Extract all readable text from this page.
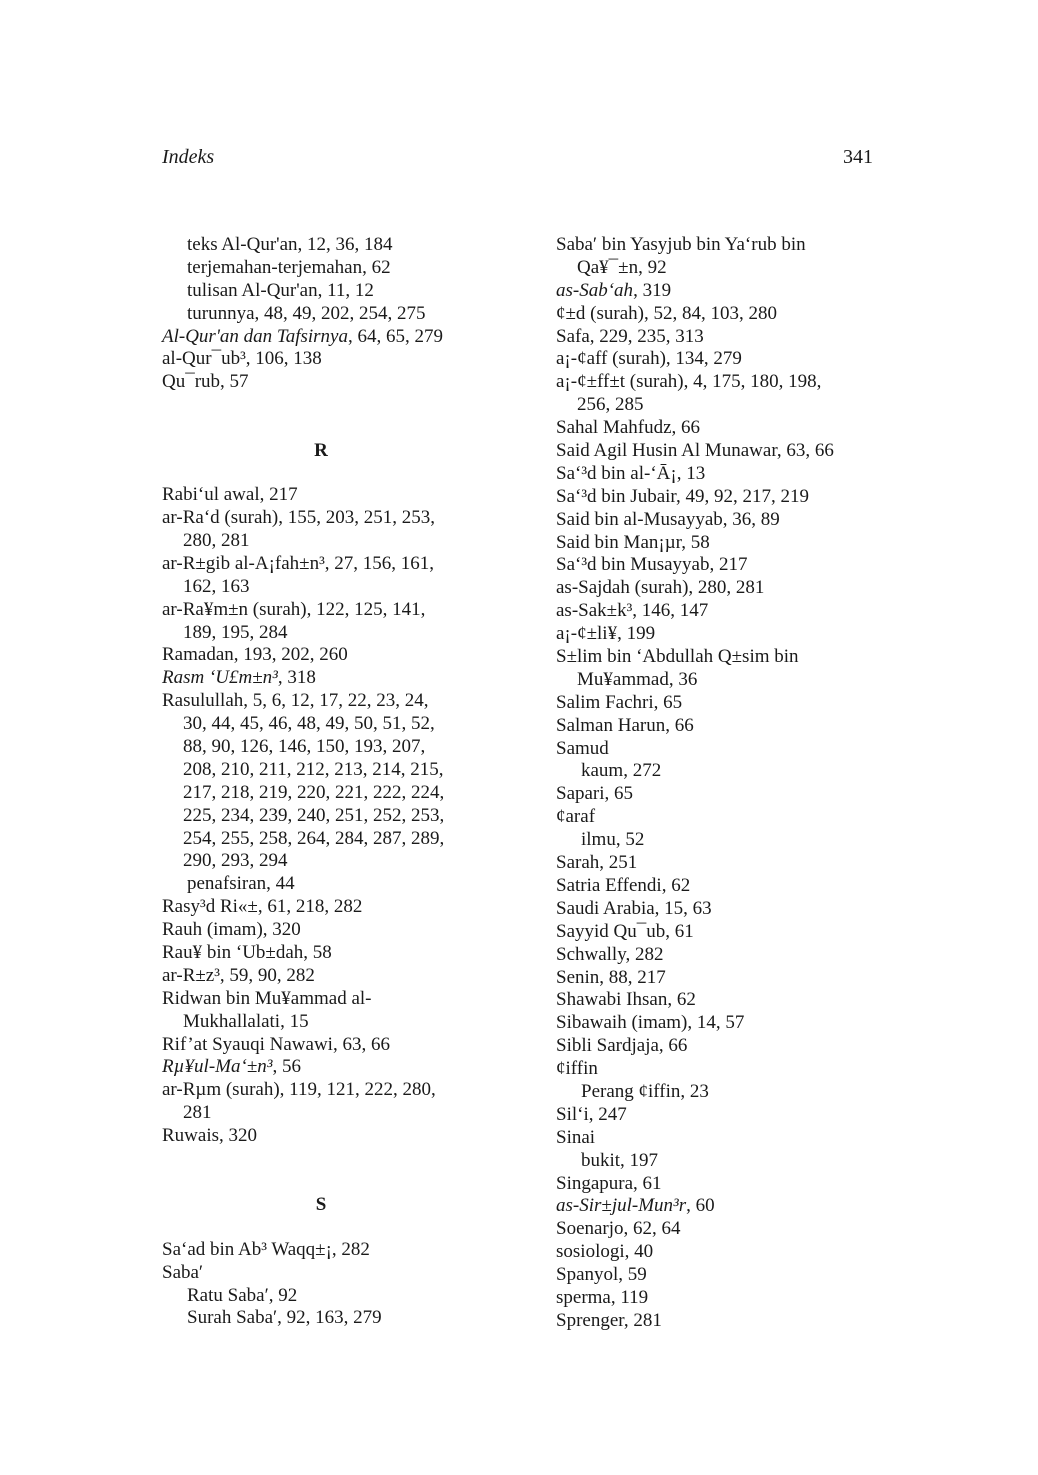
Indeks	341
teks Al-Qur'an, 12, 36, 184
terjemahan-terjemahan, 62
tulisan Al-Qur'an, 11, 12
turunnya, 48, 49, 202, 254, 275
Al-Qur'an dan Tafsirnya, 64, 65, 279
al-Qur¯ub³, 106, 138
Qu¯rub, 57
R
Rabi‘ul awal, 217
ar-Ra‘d (surah), 155, 203, 251, 253,
280, 281
ar-R±gib al-A¡fah±n³, 27, 156, 161,
162, 163
ar-Ra¥m±n (surah), 122, 125, 141,
189, 195, 284
Ramadan, 193, 202, 260
Rasm ‘U£m±n³, 318
Rasulullah, 5, 6, 12, 17, 22, 23, 24,
30, 44, 45, 46, 48, 49, 50, 51, 52,
88, 90, 126, 146, 150, 193, 207,
208, 210, 211, 212, 213, 214, 215,
217, 218, 219, 220, 221, 222, 224,
225, 234, 239, 240, 251, 252, 253,
254, 255, 258, 264, 284, 287, 289,
290, 293, 294
penafsiran, 44
Rasy³d Ri«±, 61, 218, 282
Rauh (imam), 320
Rau¥ bin ‘Ub±dah, 58
ar-R±z³, 59, 90, 282
Ridwan bin Mu¥ammad al-
Mukhallalati, 15
Rif’at Syauqi Nawawi, 63, 66
Rµ¥ul-Ma‘±n³, 56
ar-Rµm (surah), 119, 121, 222, 280,
281
Ruwais, 320
S
Sa‘ad bin Ab³ Waqq±¡, 282
Saba′
Ratu Saba′, 92
Surah Saba′, 92, 163, 279
Saba′ bin Yasyjub bin Ya‘rub bin
Qa¥¯±n, 92
as-Sab‘ah, 319
¢±d (surah), 52, 84, 103, 280
Safa, 229, 235, 313
a¡-¢aff (surah), 134, 279
a¡-¢±ff±t (surah), 4, 175, 180, 198,
256, 285
Sahal Mahfudz, 66
Said Agil Husin Al Munawar, 63, 66
Sa‘³d bin al-‘Ā¡, 13
Sa‘³d bin Jubair, 49, 92, 217, 219
Said bin al-Musayyab, 36, 89
Said bin Man¡µr, 58
Sa‘³d bin Musayyab, 217
as-Sajdah (surah), 280, 281
as-Sak±k³, 146, 147
a¡-¢±li¥, 199
S±lim bin ‘Abdullah Q±sim bin
Mu¥ammad, 36
Salim Fachri, 65
Salman Harun, 66
Samud
kaum, 272
Sapari, 65
¢araf
ilmu, 52
Sarah, 251
Satria Effendi, 62
Saudi Arabia, 15, 63
Sayyid Qu¯ub, 61
Schwally, 282
Senin, 88, 217
Shawabi Ihsan, 62
Sibawaih (imam), 14, 57
Sibli Sardjaja, 66
¢iffin
Perang ¢iffin, 23
Sil‘i, 247
Sinai
bukit, 197
Singapura, 61
as-Sir±jul-Mun³r, 60
Soenarjo, 62, 64
sosiologi, 40
Spanyol, 59
sperma, 119
Sprenger, 281
